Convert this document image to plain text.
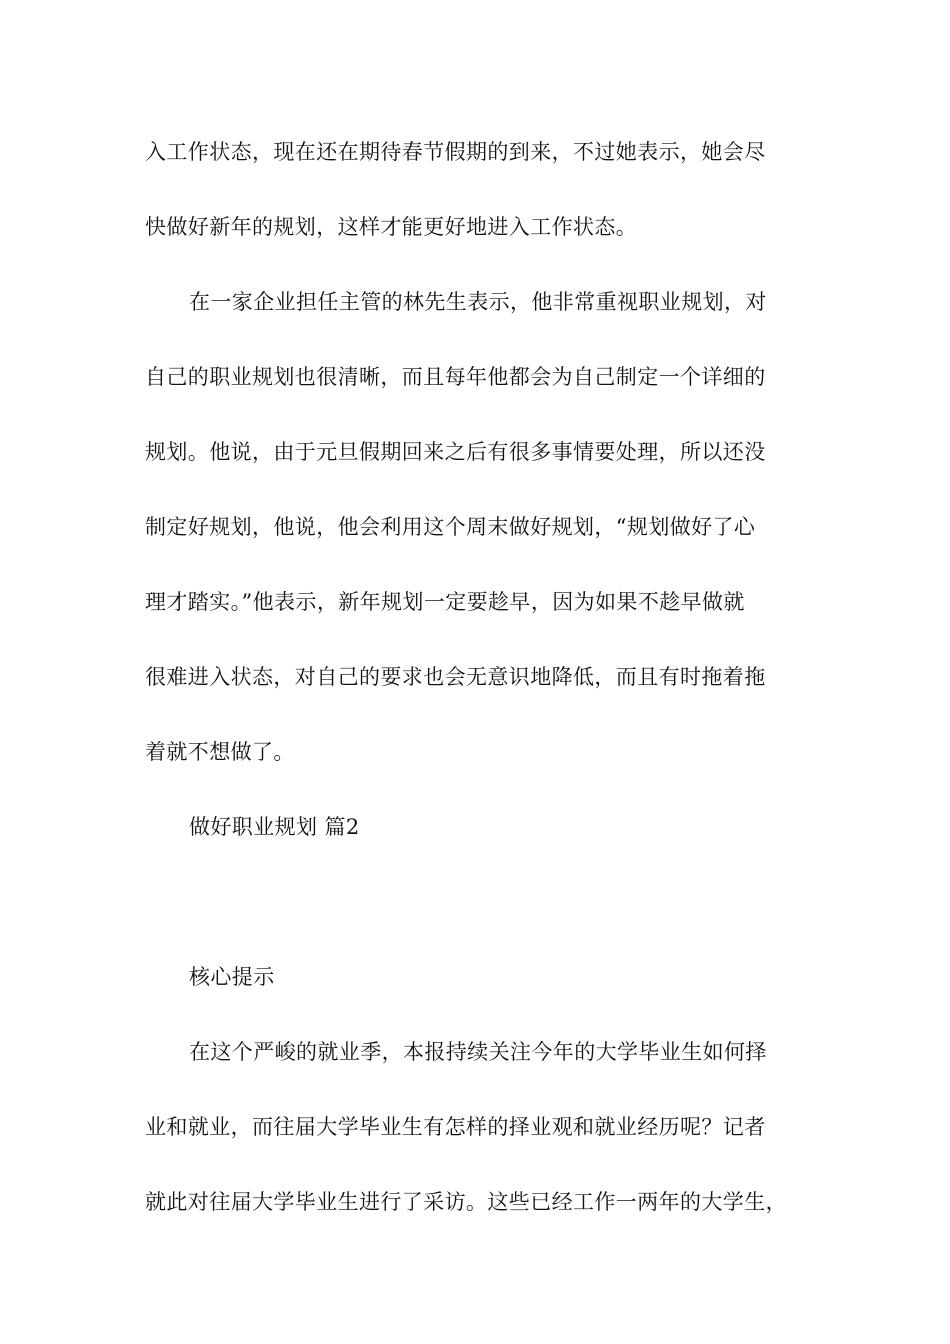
入工作状态，现在还在期待春节假期的到来，不过她表示，她会尽
快做好新年的规划，这样才能更好地进入工作状态。
在一家企业担任主管的林先生表示，他非常重视职业规划，对
自己的职业规划也很清晰，而且每年他都会为自己制定一个详细的
规划。他说，由于元旦假期回来之后有很多事情要处理，所以还没
制定好规划，他说，他会利用这个周末做好规划，“规划做好了心
理才踏实。”他表示，新年规划一定要趁早，因为如果不趁早做就
很难进入状态，对自己的要求也会无意识地降低，而且有时拖着拖
着就不想做了。
做好职业规划 篇2
核心提示
在这个严峻的就业季，本报持续关注今年的大学毕业生如何择
业和就业，而往届大学毕业生有怎样的择业观和就业经历呢？记者
就此对往届大学毕业生进行了采访。这些已经工作一两年的大学生，
